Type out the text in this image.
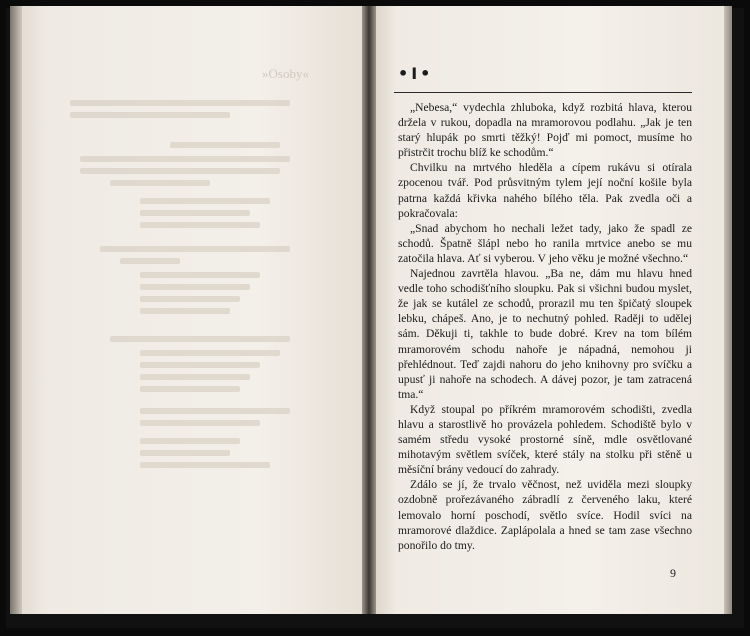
»Osoby«	•I•

„Nebesa,“ vydechla zhluboka, když rozbitá hlava, kterou držela v rukou, dopadla na mramorovou podlahu. „Jak je ten starý hlupák po smrti těžký! Pojď mi pomoct, musíme ho přistrčit trochu blíž ke schodům.“

Chvilku na mrtvého hleděla a cípem rukávu si otírala zpocenou tvář. Pod průsvitným tylem její noční košile byla patrna každá křivka nahého bílého těla. Pak zvedla oči a pokračovala:

„Snad abychom ho nechali ležet tady, jako že spadl ze schodů. Špatně šlápl nebo ho ranila mrtvice anebo se mu zatočila hlava. Ať si vyberou. V jeho věku je možné všechno.“

Najednou zavrtěla hlavou. „Ba ne, dám mu hlavu hned vedle toho schodišťního sloupku. Pak si všichni budou myslet, že jak se kutálel ze schodů, prorazil mu ten špičatý sloupek lebku, chápeš. Ano, je to nechutný pohled. Raději to udělej sám. Děkuji ti, takhle to bude dobré. Krev na tom bílém mramorovém schodu nahoře je nápadná, nemohou ji přehlédnout. Teď zajdi nahoru do jeho knihovny pro svíčku a upusť ji nahoře na schodech. A dávej pozor, je tam zatracená tma.“

Když stoupal po příkrém mramorovém schodišti, zvedla hlavu a starostlivě ho provázela pohledem. Schodiště bylo v samém středu vysoké prostorné síně, mdle osvětlované mihotavým světlem svíček, které stály na stolku při stěně u měsíční brány vedoucí do zahrady.

Zdálo se jí, že trvalo věčnost, než uviděla mezi sloupky ozdobně prořezávaného zábradlí z červeného laku, které lemovalo horní poschodí, světlo svíce. Hodil svíci na mramorové dlaždice. Zaplápolala a hned se tam zase všechno ponořilo do tmy.

9
